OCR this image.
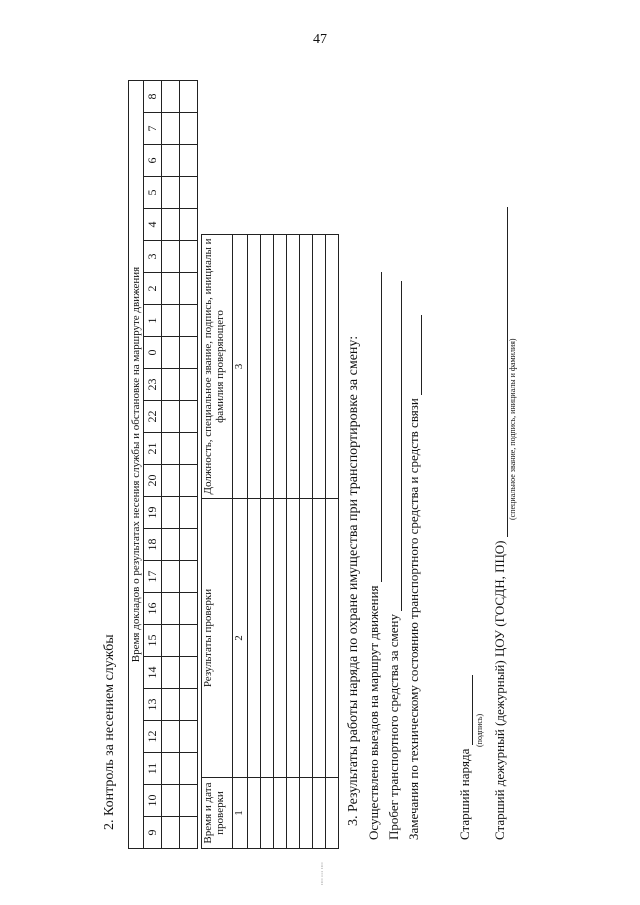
47
2. Контроль за несением службы
Время докладов о результатах несения службы и обстановке на маршруте движения																							
9	10	11	12	13	14	15	16	17	18	19	20	21	22	23	0	1	2	3	4	5	6	7	8

Время и дата проверки	Результаты проверки	Должность, специальное звание, подпись, инициалы и фамилия проверяющего
1	2	3

			3. Результаты работы наряда по охране имущества при транспортировке за смену: Осуществлено выездов на маршрут движения Пробег транспортного средства за смену Замечания по техническому состоянию транспортного средства и средств связи	Старший наряда
(подпись) Старший дежурный (дежурный) ЦОУ (ГОСДН, ПЦО)
(специальное звание, подпись, инициалы и фамилия)
⁞
⁝
⁞
